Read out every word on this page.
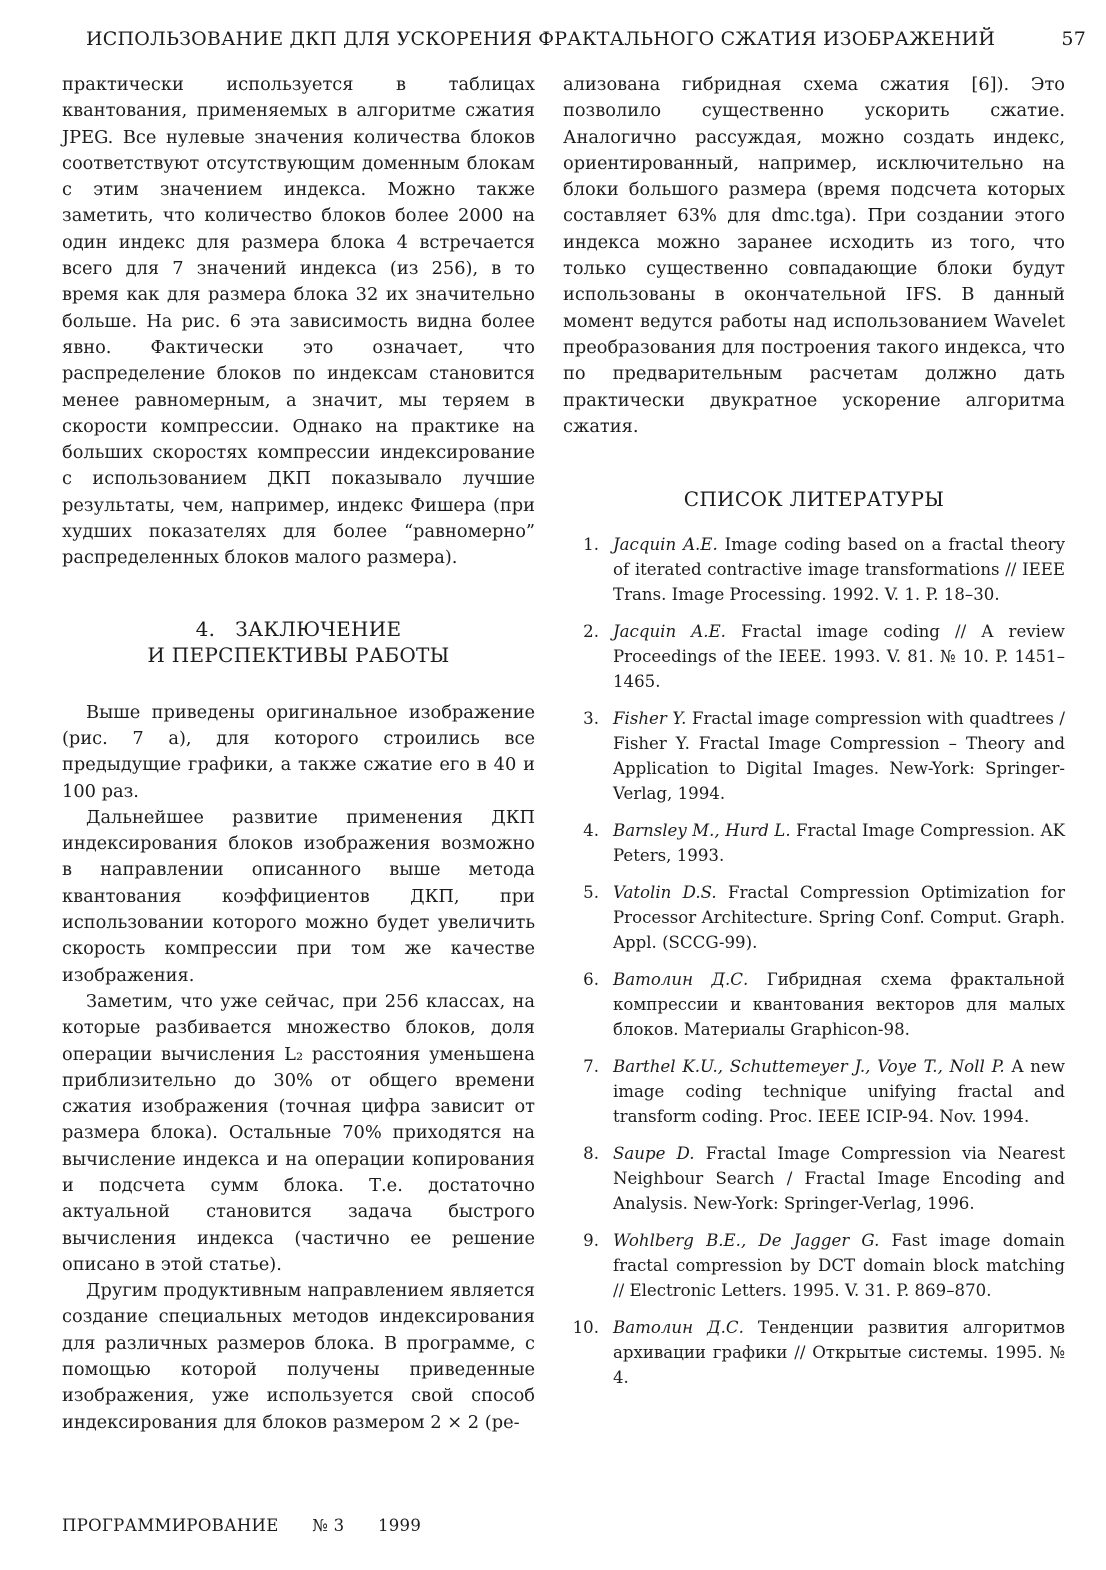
ИСПОЛЬЗОВАНИЕ ДКП ДЛЯ УСКОРЕНИЯ ФРАКТАЛЬНОГО СЖАТИЯ ИЗОБРАЖЕНИЙ	57

практически используется в таблицах квантования, применяемых в алгоритме сжатия JPEG. Все нулевые значения количества блоков соответствуют отсутствующим доменным блокам с этим значением индекса. Можно также заметить, что количество блоков более 2000 на один индекс для размера блока 4 встречается всего для 7 значений индекса (из 256), в то время как для размера блока 32 их значительно больше. На рис. 6 эта зависимость видна более явно. Фактически это означает, что распределение блоков по индексам становится менее равномерным, а значит, мы теряем в скорости компрессии. Однако на практике на больших скоростях компрессии индексирование с использованием ДКП показывало лучшие результаты, чем, например, индекс Фишера (при худших показателях для более “равномерно” распределенных блоков малого размера).

4.   ЗАКЛЮЧЕНИЕ
И ПЕРСПЕКТИВЫ РАБОТЫ

Выше приведены оригинальное изображение (рис. 7 а), для которого строились все предыдущие графики, а также сжатие его в 40 и 100 раз.

Дальнейшее развитие применения ДКП индексирования блоков изображения возможно в направлении описанного выше метода квантования коэффициентов ДКП, при использовании которого можно будет увеличить скорость компрессии при том же качестве изображения.

Заметим, что уже сейчас, при 256 классах, на которые разбивается множество блоков, доля операции вычисления L₂ расстояния уменьшена приблизительно до 30% от общего времени сжатия изображения (точная цифра зависит от размера блока). Остальные 70% приходятся на вычисление индекса и на операции копирования и подсчета сумм блока. Т.е. достаточно актуальной становится задача быстрого вычисления индекса (частично ее решение описано в этой статье).

Другим продуктивным направлением является создание специальных методов индексирования для различных размеров блока. В программе, с помощью которой получены приведенные изображения, уже используется свой способ индексирования для блоков размером 2 × 2 (ре-

ализована гибридная схема сжатия [6]). Это позволило существенно ускорить сжатие. Аналогично рассуждая, можно создать индекс, ориентированный, например, исключительно на блоки большого размера (время подсчета которых составляет 63% для dmc.tga). При создании этого индекса можно заранее исходить из того, что только существенно совпадающие блоки будут использованы в окончательной IFS. В данный момент ведутся работы над использованием Wavelet преобразования для построения такого индекса, что по предварительным расчетам должно дать практически двукратное ускорение алгоритма сжатия.

СПИСОК ЛИТЕРАТУРЫ
1. Jacquin A.E. Image coding based on a fractal theory of iterated contractive image transformations // IEEE Trans. Image Processing. 1992. V. 1. P. 18–30.
2. Jacquin A.E. Fractal image coding // A review Proceedings of the IEEE. 1993. V. 81. № 10. P. 1451–1465.
3. Fisher Y. Fractal image compression with quadtrees / Fisher Y. Fractal Image Compression – Theory and Application to Digital Images. New-York: Springer-Verlag, 1994.
4. Barnsley M., Hurd L. Fractal Image Compression. AK Peters, 1993.
5. Vatolin D.S. Fractal Compression Optimization for Processor Architecture. Spring Conf. Comput. Graph. Appl. (SCCG-99).
6. Ватолин Д.С. Гибридная схема фрактальной компрессии и квантования векторов для малых блоков. Материалы Graphicon-98.
7. Barthel K.U., Schuttemeyer J., Voye T., Noll P. A new image coding technique unifying fractal and transform coding. Proc. IEEE ICIP-94. Nov. 1994.
8. Saupe D. Fractal Image Compression via Nearest Neighbour Search / Fractal Image Encoding and Analysis. New-York: Springer-Verlag, 1996.
9. Wohlberg B.E., De Jagger G. Fast image domain fractal compression by DCT domain block matching // Electronic Letters. 1995. V. 31. P. 869–870.
10. Ватолин Д.С. Тенденции развития алгоритмов архивации графики // Открытые системы. 1995. № 4.
ПРОГРАММИРОВАНИЕ № 3 1999
